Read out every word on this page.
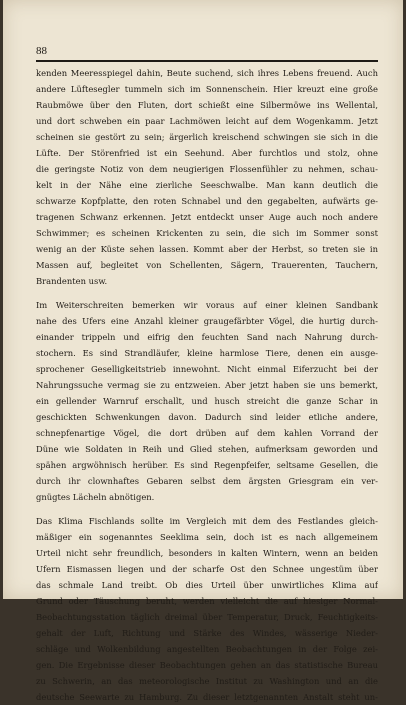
88
kenden Meeresspiegel dahin, Beute suchend, sich ihres Lebens freuend. Auch
andere Lüftesegler tummeln sich im Sonnenschein. Hier kreuzt eine große
Raubmöwe über den Fluten, dort schießt eine Silbermöwe ins Wellental,
und dort schweben ein paar Lachmöwen leicht auf dem Wogenkamm. Jetzt
scheinen sie gestört zu sein; ärgerlich kreischend schwingen sie sich in die
Lüfte. Der Störenfried ist ein Seehund. Aber furchtlos und stolz, ohne
die geringste Notiz von dem neugierigen Flossenfühler zu nehmen, schau-
kelt in der Nähe eine zierliche Seeschwalbe. Man kann deutlich die
schwarze Kopfplatte, den roten Schnabel und den gegabelten, aufwärts ge-
tragenen Schwanz erkennen. Jetzt entdeckt unser Auge auch noch andere
Schwimmer; es scheinen Krickenten zu sein, die sich im Sommer sonst
wenig an der Küste sehen lassen. Kommt aber der Herbst, so treten sie in
Massen auf, begleitet von Schellenten, Sägern, Trauerenten, Tauchern,
Brandenten usw.
Im Weiterschreiten bemerken wir voraus auf einer kleinen Sandbank
nahe des Ufers eine Anzahl kleiner graugefärbter Vögel, die hurtig durch-
einander trippeln und eifrig den feuchten Sand nach Nahrung durch-
stochern. Es sind Strandläufer, kleine harmlose Tiere, denen ein ausge-
sprochener Geselligkeitstrieb innewohnt. Nicht einmal Eiferzucht bei der
Nahrungssuche vermag sie zu entzweien. Aber jetzt haben sie uns bemerkt,
ein gellender Warnruf erschallt, und husch streicht die ganze Schar in
geschickten Schwenkungen davon. Dadurch sind leider etliche andere,
schnepfenartige Vögel, die dort drüben auf dem kahlen Vorrand der
Düne wie Soldaten in Reih und Glied stehen, aufmerksam geworden und
spähen argwöhnisch herüber. Es sind Regenpfeifer, seltsame Gesellen, die
durch ihr clownhaftes Gebaren selbst dem ärgsten Griesgram ein ver-
gnügtes Lächeln abnötigen.
Das Klima Fischlands sollte im Vergleich mit dem des Festlandes gleich-
mäßiger ein sogenanntes Seeklima sein, doch ist es nach allgemeinem
Urteil nicht sehr freundlich, besonders in kalten Wintern, wenn an beiden
Ufern Eismassen liegen und der scharfe Ost den Schnee ungestüm über
das schmale Land treibt. Ob dies Urteil über unwirtliches Klima auf
Grund oder Täuschung beruht, werden vielleicht die auf hiesiger Normal-
Beobachtungsstation täglich dreimal über Temperatur, Druck, Feuchtigkeits-
gehalt der Luft, Richtung und Stärke des Windes, wässerige Nieder-
schläge und Wolkenbildung angestellten Beobachtungen in der Folge zei-
gen. Die Ergebnisse dieser Beobachtungen gehen an das statistische Bureau
zu Schwerin, an das meteorologische Institut zu Washington und an die
deutsche Seewarte zu Hamburg. Zu dieser letztgenannten Anstalt steht un-
